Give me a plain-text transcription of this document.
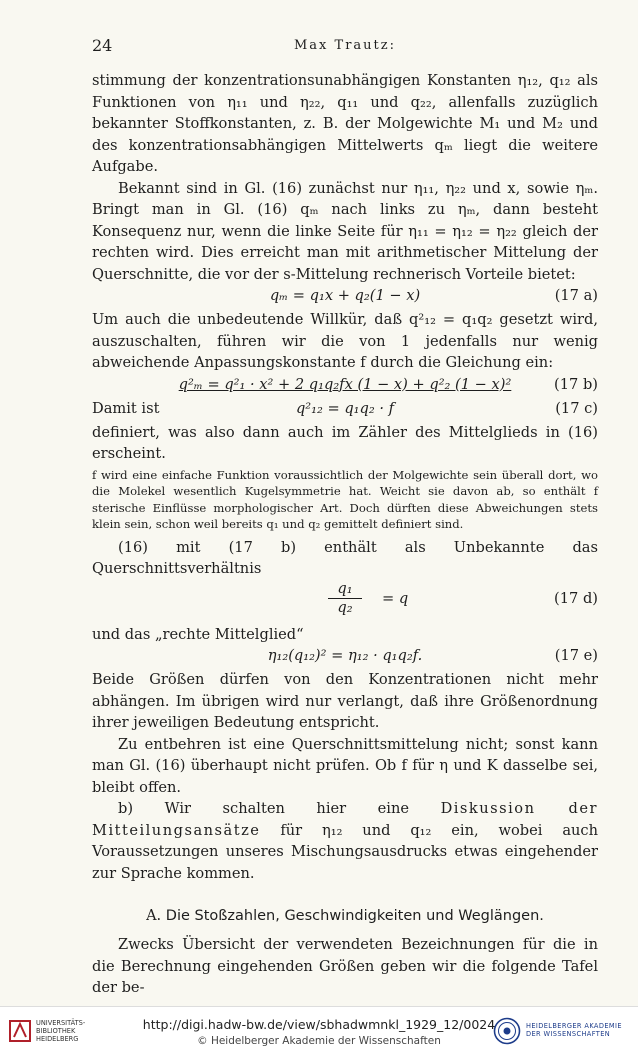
24	Max Trautz:

stimmung der konzentrationsunabhängigen Konstanten η₁₂, q₁₂ als Funktionen von η₁₁ und η₂₂, q₁₁ und q₂₂, allenfalls zuzüglich bekannter Stoffkonstanten, z. B. der Molgewichte M₁ und M₂ und des konzentrationsabhängigen Mittelwerts qₘ liegt die weitere Aufgabe.

Bekannt sind in Gl. (16) zunächst nur η₁₁, η₂₂ und x, sowie ηₘ. Bringt man in Gl. (16) qₘ nach links zu ηₘ, dann besteht Konsequenz nur, wenn die linke Seite für η₁₁ = η₁₂ = η₂₂ gleich der rechten wird. Dies erreicht man mit arithmetischer Mittelung der Querschnitte, die vor der s-Mittelung rechnerisch Vorteile bietet:

qₘ = q₁x + q₂(1 − x)	(17 a)

Um auch die unbedeutende Willkür, daß q²₁₂ = q₁q₂ gesetzt wird, auszuschalten, führen wir die von 1 jedenfalls nur wenig abweichende Anpassungskonstante f durch die Gleichung ein:

q²ₘ = q²₁ · x² + 2 q₁q₂fx (1 − x) + q²₂ (1 − x)²	(17 b)
Damit ist	q²₁₂ = q₁q₂ · f	(17 c)

definiert, was also dann auch im Zähler des Mittelglieds in (16) erscheint.

f wird eine einfache Funktion voraussichtlich der Molgewichte sein überall dort, wo die Molekel wesentlich Kugelsymmetrie hat. Weicht sie davon ab, so enthält f sterische Einflüsse morphologischer Art. Doch dürften diese Abweichungen stets klein sein, schon weil bereits q₁ und q₂ gemittelt definiert sind.

(16) mit (17 b) enthält als Unbekannte das Querschnittsverhältnis

$\frac{\text{q₁}}{\text{q₂}} = q$	(17 d)

und das „rechte Mittelglied“

η₁₂(q₁₂)² = η₁₂ · q₁q₂f.	(17 e)

Beide Größen dürfen von den Konzentrationen nicht mehr abhängen. Im übrigen wird nur verlangt, daß ihre Größenordnung ihrer jeweiligen Bedeutung entspricht.

Zu entbehren ist eine Querschnittsmittelung nicht; sonst kann man Gl. (16) überhaupt nicht prüfen. Ob f für η und K dasselbe sei, bleibt offen.

b) Wir schalten hier eine Diskussion der Mitteilungsansätze für η₁₂ und q₁₂ ein, wobei auch Voraussetzungen unseres Mischungsausdrucks etwas eingehender zur Sprache kommen.

A. Die Stoßzahlen, Geschwindigkeiten und Weglängen.

Zwecks Übersicht der verwendeten Bezeichnungen für die in die Berechnung eingehenden Größen geben wir die folgende Tafel der be-

UNIVERSITÄTS-
BIBLIOTHEK
HEIDELBERG
http://digi.hadw-bw.de/view/sbhadwmnkl_1929_12/0024
© Heidelberger Akademie der Wissenschaften
HEIDELBERGER AKADEMIE
DER WISSENSCHAFTEN
